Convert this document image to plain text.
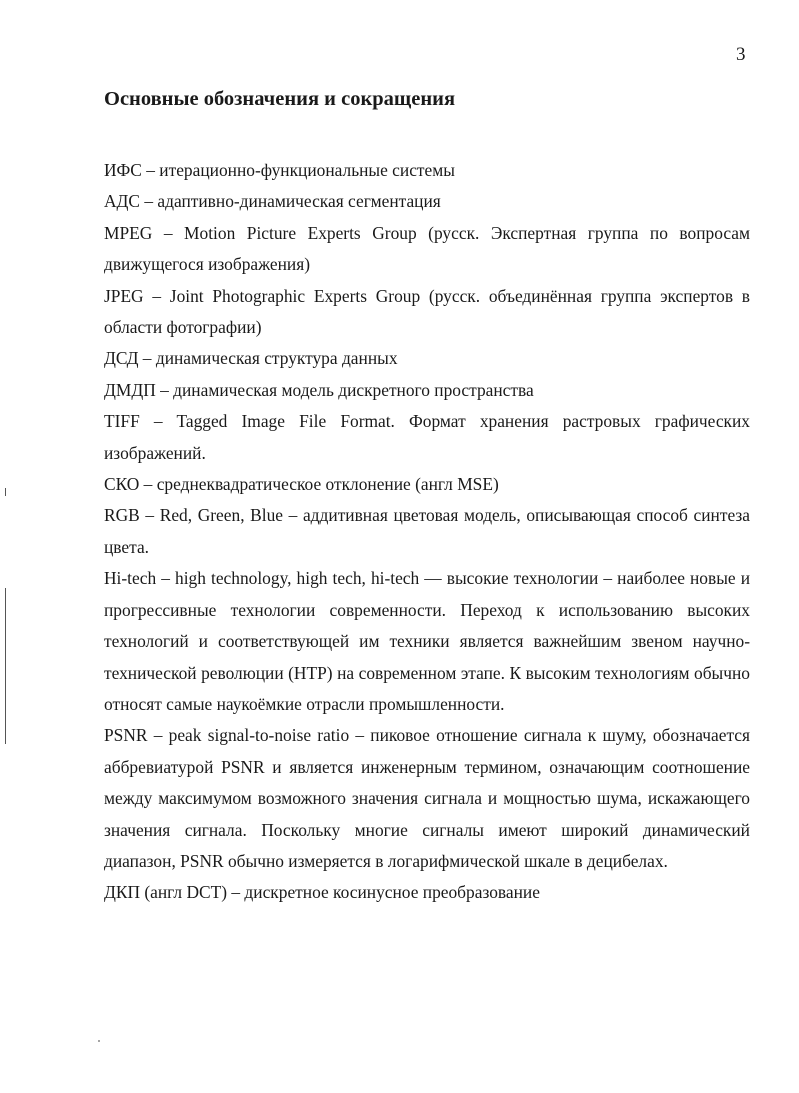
3
Основные обозначения и сокращения

ИФС – итерационно-функциональные системы

АДС – адаптивно-динамическая сегментация

MPEG – Motion Picture Experts Group (русск. Экспертная группа по вопросам движущегося изображения)

JPEG – Joint Photographic Experts Group (русск. объединённая группа экспертов в области фотографии)

ДСД – динамическая структура данных

ДМДП – динамическая модель дискретного пространства

TIFF – Tagged Image File Format. Формат хранения растровых графических изображений.

СКО – среднеквадратическое отклонение (англ MSE)

RGB – Red, Green, Blue – аддитивная цветовая модель, описывающая способ синтеза цвета.

Hi-tech – high technology, high tech, hi-tech — высокие технологии – наиболее новые и прогрессивные технологии современности. Переход к использованию высоких технологий и соответствующей им техники является важнейшим звеном научно-технической революции (НТР) на современном этапе. К высоким технологиям обычно относят самые наукоёмкие отрасли промышленности.

PSNR – peak signal-to-noise ratio – пиковое отношение сигнала к шуму, обозначается аббревиатурой PSNR и является инженерным термином, означающим соотношение между максимумом возможного значения сигнала и мощностью шума, искажающего значения сигнала. Поскольку многие сигналы имеют широкий динамический диапазон, PSNR обычно измеряется в логарифмической шкале в децибелах.

ДКП (англ DCT) – дискретное косинусное преобразование
